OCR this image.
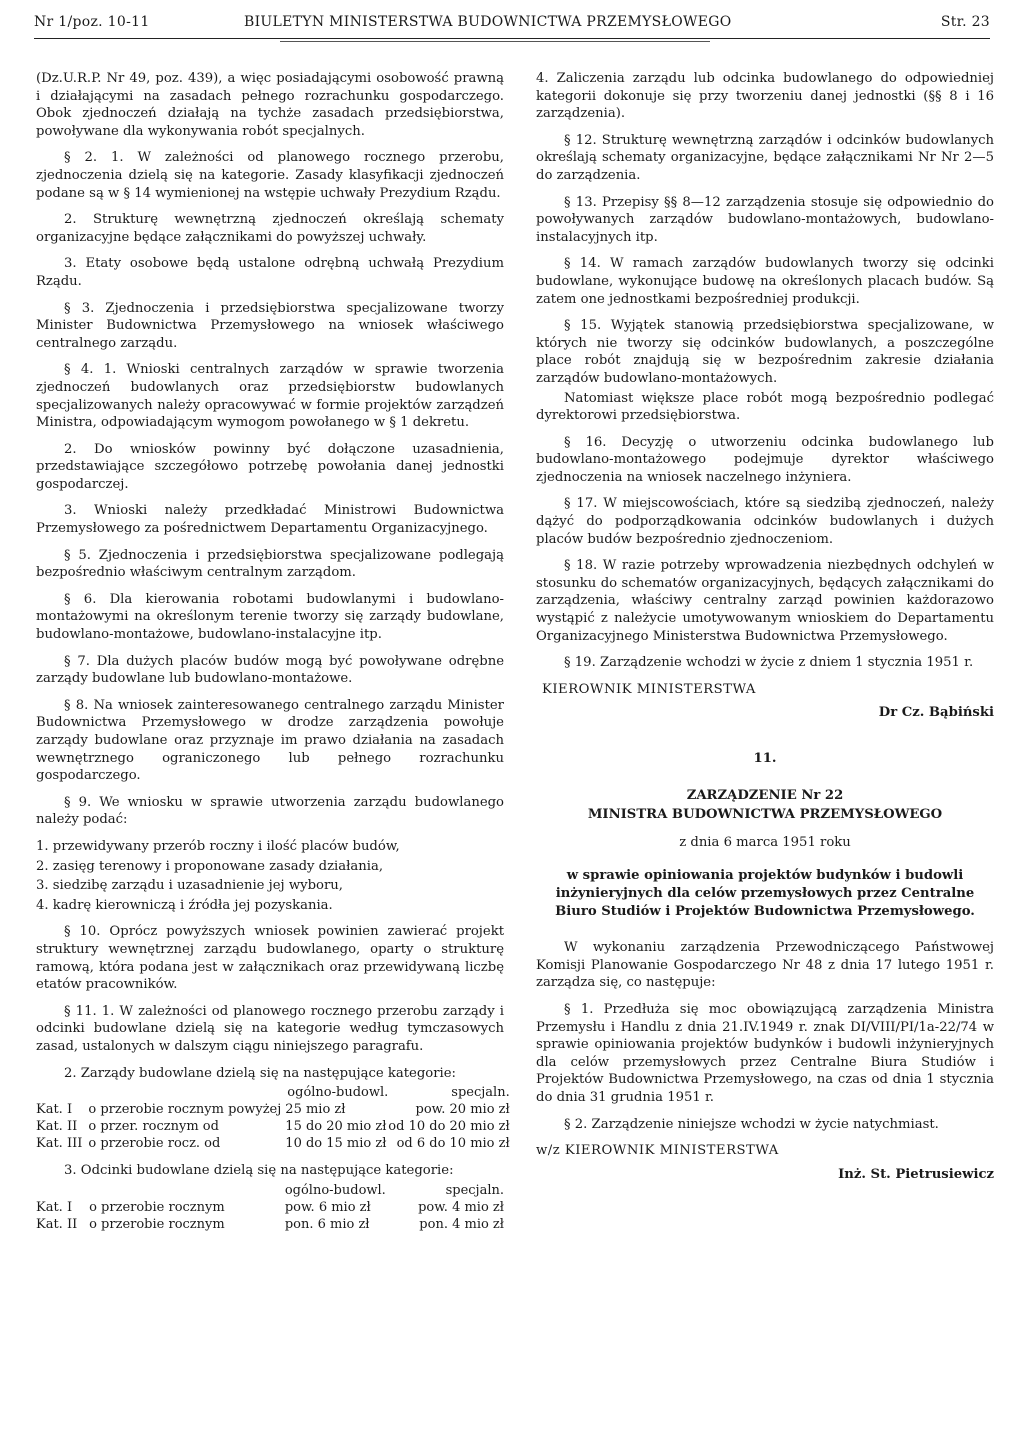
Nr 1/poz. 10-11	BIULETYN MINISTERSTWA BUDOWNICTWA PRZEMYSŁOWEGO	Str. 23

(Dz.U.R.P. Nr 49, poz. 439), a więc posiadającymi osobowość prawną i działającymi na zasadach pełnego rozrachunku gospodarczego. Obok zjednoczeń działają na tychże zasadach przedsiębiorstwa, powoływane dla wykonywania robót specjalnych.

§ 2. 1. W zależności od planowego rocznego przerobu, zjednoczenia dzielą się na kategorie. Zasady klasyfikacji zjednoczeń podane są w § 14 wymienionej na wstępie uchwały Prezydium Rządu.

2. Strukturę wewnętrzną zjednoczeń określają schematy organizacyjne będące załącznikami do powyższej uchwały.

3. Etaty osobowe będą ustalone odrębną uchwałą Prezydium Rządu.

§ 3. Zjednoczenia i przedsiębiorstwa specjalizowane tworzy Minister Budownictwa Przemysłowego na wniosek właściwego centralnego zarządu.

§ 4. 1. Wnioski centralnych zarządów w sprawie tworzenia zjednoczeń budowlanych oraz przedsiębiorstw budowlanych specjalizowanych należy opracowywać w formie projektów zarządzeń Ministra, odpowiadającym wymogom powołanego w § 1 dekretu.

2. Do wniosków powinny być dołączone uzasadnienia, przedstawiające szczegółowo potrzebę powołania danej jednostki gospodarczej.

3. Wnioski należy przedkładać Ministrowi Budownictwa Przemysłowego za pośrednictwem Departamentu Organizacyjnego.

§ 5. Zjednoczenia i przedsiębiorstwa specjalizowane podlegają bezpośrednio właściwym centralnym zarządom.

§ 6. Dla kierowania robotami budowlanymi i budowlano-montażowymi na określonym terenie tworzy się zarządy budowlane, budowlano-montażowe, budowlano-instalacyjne itp.

§ 7. Dla dużych placów budów mogą być powoływane odrębne zarządy budowlane lub budowlano-montażowe.

§ 8. Na wniosek zainteresowanego centralnego zarządu Minister Budownictwa Przemysłowego w drodze zarządzenia powołuje zarządy budowlane oraz przyznaje im prawo działania na zasadach wewnętrznego ograniczonego lub pełnego rozrachunku gospodarczego.

§ 9. We wniosku w sprawie utworzenia zarządu budowlanego należy podać:

1. przewidywany przerób roczny i ilość placów budów,

2. zasięg terenowy i proponowane zasady działania,

3. siedzibę zarządu i uzasadnienie jej wyboru,

4. kadrę kierowniczą i źródła jej pozyskania.

§ 10. Oprócz powyższych wniosek powinien zawierać projekt struktury wewnętrznej zarządu budowlanego, oparty o strukturę ramową, która podana jest w załącznikach oraz przewidywaną liczbę etatów pracowników.

§ 11. 1. W zależności od planowego rocznego przerobu zarządy i odcinki budowlane dzielą się na kategorie według tymczasowych zasad, ustalonych w dalszym ciągu niniejszego paragrafu.

2. Zarządy budowlane dzielą się na następujące kategorie:

		ogólno-budowl.	specjaln.
Kat. I	o przerobie rocznym powyżej	25 mio zł	pow. 20 mio zł
Kat. II	o przer. rocznym od	15 do 20 mio zł	od 10 do 20 mio zł
Kat. III	o przerobie rocz. od	10 do 15 mio zł	od 6 do 10 mio zł

3. Odcinki budowlane dzielą się na następujące kategorie:

		ogólno-budowl.	specjaln.
Kat. I	o przerobie rocznym	pow. 6 mio zł	pow. 4 mio zł
Kat. II	o przerobie rocznym	pon. 6 mio zł	pon. 4 mio zł

4. Zaliczenia zarządu lub odcinka budowlanego do odpowiedniej kategorii dokonuje się przy tworzeniu danej jednostki (§§ 8 i 16 zarządzenia).

§ 12. Strukturę wewnętrzną zarządów i odcinków budowlanych określają schematy organizacyjne, będące załącznikami Nr Nr 2—5 do zarządzenia.

§ 13. Przepisy §§ 8—12 zarządzenia stosuje się odpowiednio do powoływanych zarządów budowlano-montażowych, budowlano-instalacyjnych itp.

§ 14. W ramach zarządów budowlanych tworzy się odcinki budowlane, wykonujące budowę na określonych placach budów. Są zatem one jednostkami bezpośredniej produkcji.

§ 15. Wyjątek stanowią przedsiębiorstwa specjalizowane, w których nie tworzy się odcinków budowlanych, a poszczególne place robót znajdują się w bezpośrednim zakresie działania zarządów budowlano-montażowych.

Natomiast większe place robót mogą bezpośrednio podlegać dyrektorowi przedsiębiorstwa.

§ 16. Decyzję o utworzeniu odcinka budowlanego lub budowlano-montażowego podejmuje dyrektor właściwego zjednoczenia na wniosek naczelnego inżyniera.

§ 17. W miejscowościach, które są siedzibą zjednoczeń, należy dążyć do podporządkowania odcinków budowlanych i dużych placów budów bezpośrednio zjednoczeniom.

§ 18. W razie potrzeby wprowadzenia niezbędnych odchyleń w stosunku do schematów organizacyjnych, będących załącznikami do zarządzenia, właściwy centralny zarząd powinien każdorazowo wystąpić z należycie umotywowanym wnioskiem do Departamentu Organizacyjnego Ministerstwa Budownictwa Przemysłowego.

§ 19. Zarządzenie wchodzi w życie z dniem 1 stycznia 1951 r.

KIEROWNIK MINISTERSTWA
Dr Cz. Bąbiński
11.
ZARZĄDZENIE Nr 22
MINISTRA BUDOWNICTWA PRZEMYSŁOWEGO
z dnia 6 marca 1951 roku
w sprawie opiniowania projektów budynków i budowli inżynieryjnych dla celów przemysłowych przez Centralne Biuro Studiów i Projektów Budownictwa Przemysłowego.

W wykonaniu zarządzenia Przewodniczącego Państwowej Komisji Planowanie Gospodarczego Nr 48 z dnia 17 lutego 1951 r. zarządza się, co następuje:

§ 1. Przedłuża się moc obowiązującą zarządzenia Ministra Przemysłu i Handlu z dnia 21.IV.1949 r. znak DI/VIII/PI/1a-22/74 w sprawie opiniowania projektów budynków i budowli inżynieryjnych dla celów przemysłowych przez Centralne Biura Studiów i Projektów Budownictwa Przemysłowego, na czas od dnia 1 stycznia do dnia 31 grudnia 1951 r.

§ 2. Zarządzenie niniejsze wchodzi w życie natychmiast.

w/z KIEROWNIK MINISTERSTWA
Inż. St. Pietrusiewicz
